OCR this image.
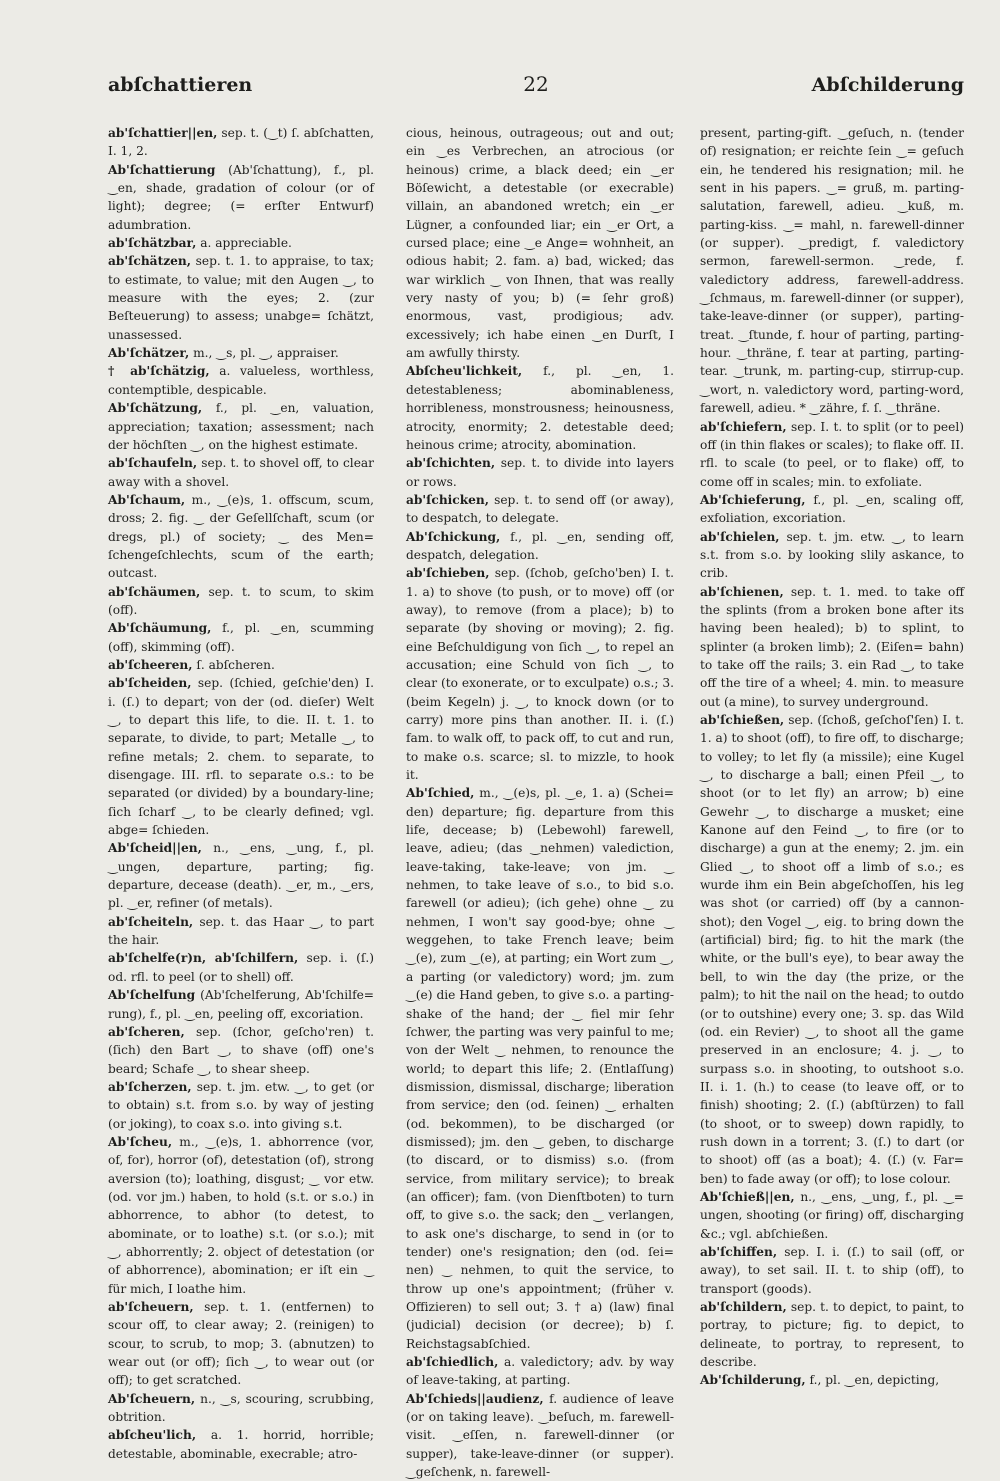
abſchattieren	22	Abſchilderung

ab'ſchattier||en, sep. t. (‿t) ſ. abſchatten, I. 1, 2.

Ab'ſchattierung (Ab'ſchattung), f., pl. ‿en, shade, gradation of colour (or of light); degree; (= erſter Entwurf) adumbration.

ab'ſchätzbar, a. appreciable.

ab'ſchätzen, sep. t. 1. to appraise, to tax; to estimate, to value; mit den Augen ‿, to measure with the eyes; 2. (zur Beſteuerung) to assess; unabge= ſchätzt, unassessed.

Ab'ſchätzer, m., ‿s, pl. ‿, appraiser.

† ab'ſchätzig, a. valueless, worthless, contemptible, despicable.

Ab'ſchätzung, f., pl. ‿en, valuation, appreciation; taxation; assessment; nach der höchſten ‿, on the highest estimate.

ab'ſchaufeln, sep. t. to shovel off, to clear away with a shovel.

Ab'ſchaum, m., ‿(e)s, 1. offscum, scum, dross; 2. fig. ‿ der Geſellſchaft, scum (or dregs, pl.) of society; ‿ des Men= ſchengeſchlechts, scum of the earth; outcast.

ab'ſchäumen, sep. t. to scum, to skim (off).

Ab'ſchäumung, f., pl. ‿en, scumming (off), skimming (off).

ab'ſcheeren, ſ. abſcheren.

ab'ſcheiden, sep. (ſchied, geſchie'den) I. i. (ſ.) to depart; von der (od. dieſer) Welt ‿, to depart this life, to die. II. t. 1. to separate, to divide, to part; Metalle ‿, to refine metals; 2. chem. to separate, to disengage. III. rfl. to separate o.s.: to be separated (or divided) by a boundary-line; ſich ſcharf ‿, to be clearly defined; vgl. abge= ſchieden.

Ab'ſcheid||en, n., ‿ens, ‿ung, f., pl. ‿ungen, departure, parting; fig. departure, decease (death). ‿er, m., ‿ers, pl. ‿er, refiner (of metals).

ab'ſcheiteln, sep. t. das Haar ‿, to part the hair.

ab'ſchelfe(r)n, ab'ſchilfern, sep. i. (ſ.) od. rfl. to peel (or to shell) off.

Ab'ſchelfung (Ab'ſchelferung, Ab'ſchilfe= rung), f., pl. ‿en, peeling off, excoriation.

ab'ſcheren, sep. (ſchor, geſcho'ren) t. (ſich) den Bart ‿, to shave (off) one's beard; Schafe ‿, to shear sheep.

ab'ſcherzen, sep. t. jm. etw. ‿, to get (or to obtain) s.t. from s.o. by way of jesting (or joking), to coax s.o. into giving s.t.

Ab'ſcheu, m., ‿(e)s, 1. abhorrence (vor, of, for), horror (of), detestation (of), strong aversion (to); loathing, disgust; ‿ vor etw. (od. vor jm.) haben, to hold (s.t. or s.o.) in abhorrence, to abhor (to detest, to abominate, or to loathe) s.t. (or s.o.); mit ‿, abhorrently; 2. object of detestation (or of abhorrence), abomination; er iſt ein ‿ für mich, I loathe him.

ab'ſcheuern, sep. t. 1. (entfernen) to scour off, to clear away; 2. (reinigen) to scour, to scrub, to mop; 3. (abnutzen) to wear out (or off); ſich ‿, to wear out (or off); to get scratched.

Ab'ſcheuern, n., ‿s, scouring, scrubbing, obtrition.

abſcheu'lich, a. 1. horrid, horrible; detestable, abominable, execrable; atro-

cious, heinous, outrageous; out and out; ein ‿es Verbrechen, an atrocious (or heinous) crime, a black deed; ein ‿er Böſewicht, a detestable (or execrable) villain, an abandoned wretch; ein ‿er Lügner, a confounded liar; ein ‿er Ort, a cursed place; eine ‿e Ange= wohnheit, an odious habit; 2. fam. a) bad, wicked; das war wirklich ‿ von Ihnen, that was really very nasty of you; b) (= ſehr groß) enormous, vast, prodigious; adv. excessively; ich habe einen ‿en Durſt, I am awfully thirsty.

Abſcheu'lichkeit, f., pl. ‿en, 1. detestableness; abominableness, horribleness, monstrousness; heinousness, atrocity, enormity; 2. detestable deed; heinous crime; atrocity, abomination.

ab'ſchichten, sep. t. to divide into layers or rows.

ab'ſchicken, sep. t. to send off (or away), to despatch, to delegate.

Ab'ſchickung, f., pl. ‿en, sending off, despatch, delegation.

ab'ſchieben, sep. (ſchob, geſcho'ben) I. t. 1. a) to shove (to push, or to move) off (or away), to remove (from a place); b) to separate (by shoving or moving); 2. fig. eine Beſchuldigung von ſich ‿, to repel an accusation; eine Schuld von ſich ‿, to clear (to exonerate, or to exculpate) o.s.; 3. (beim Kegeln) j. ‿, to knock down (or to carry) more pins than another. II. i. (ſ.) fam. to walk off, to pack off, to cut and run, to make o.s. scarce; sl. to mizzle, to hook it.

Ab'ſchied, m., ‿(e)s, pl. ‿e, 1. a) (Schei= den) departure; fig. departure from this life, decease; b) (Lebewohl) farewell, leave, adieu; (das ‿nehmen) valediction, leave-taking, take-leave; von jm. ‿ nehmen, to take leave of s.o., to bid s.o. farewell (or adieu); (ich gehe) ohne ‿ zu nehmen, I won't say good-bye; ohne ‿ weggehen, to take French leave; beim ‿(e), zum ‿(e), at parting; ein Wort zum ‿, a parting (or valedictory) word; jm. zum ‿(e) die Hand geben, to give s.o. a parting-shake of the hand; der ‿ fiel mir ſehr ſchwer, the parting was very painful to me; von der Welt ‿ nehmen, to renounce the world; to depart this life; 2. (Entlaſſung) dismission, dismissal, discharge; liberation from service; den (od. ſeinen) ‿ erhalten (od. bekommen), to be discharged (or dismissed); jm. den ‿ geben, to discharge (to discard, or to dismiss) s.o. (from service, from military service); to break (an officer); fam. (von Dienſtboten) to turn off, to give s.o. the sack; den ‿ verlangen, to ask one's discharge, to send in (or to tender) one's resignation; den (od. ſei= nen) ‿ nehmen, to quit the service, to throw up one's appointment; (früher v. Offizieren) to sell out; 3. † a) (law) final (judicial) decision (or decree); b) ſ. Reichstagsabſchied.

ab'ſchiedlich, a. valedictory; adv. by way of leave-taking, at parting.

Ab'ſchieds||audienz, f. audience of leave (or on taking leave). ‿beſuch, m. farewell-visit. ‿eſſen, n. farewell-dinner (or supper), take-leave-dinner (or supper). ‿geſchenk, n. farewell-

present, parting-gift. ‿geſuch, n. (tender of) resignation; er reichte ſein ‿= geſuch ein, he tendered his resignation; mil. he sent in his papers. ‿= gruß, m. parting-salutation, farewell, adieu. ‿kuß, m. parting-kiss. ‿= mahl, n. farewell-dinner (or supper). ‿predigt, f. valedictory sermon, farewell-sermon. ‿rede, f. valedictory address, farewell-address. ‿ſchmaus, m. farewell-dinner (or supper), take-leave-dinner (or supper), parting-treat. ‿ſtunde, f. hour of parting, parting-hour. ‿thräne, f. tear at parting, parting-tear. ‿trunk, m. parting-cup, stirrup-cup. ‿wort, n. valedictory word, parting-word, farewell, adieu. * ‿zähre, f. ſ. ‿thräne.

ab'ſchiefern, sep. I. t. to split (or to peel) off (in thin flakes or scales); to flake off. II. rfl. to scale (to peel, or to flake) off, to come off in scales; min. to exfoliate.

Ab'ſchieferung, f., pl. ‿en, scaling off, exfoliation, excoriation.

ab'ſchielen, sep. t. jm. etw. ‿, to learn s.t. from s.o. by looking slily askance, to crib.

ab'ſchienen, sep. t. 1. med. to take off the splints (from a broken bone after its having been healed); b) to splint, to splinter (a broken limb); 2. (Eiſen= bahn) to take off the rails; 3. ein Rad ‿, to take off the tire of a wheel; 4. min. to measure out (a mine), to survey underground.

ab'ſchießen, sep. (ſchoß, geſchoſ'ſen) I. t. 1. a) to shoot (off), to fire off, to discharge; to volley; to let fly (a missile); eine Kugel ‿, to discharge a ball; einen Pfeil ‿, to shoot (or to let fly) an arrow; b) eine Gewehr ‿, to discharge a musket; eine Kanone auf den Feind ‿, to fire (or to discharge) a gun at the enemy; 2. jm. ein Glied ‿, to shoot off a limb of s.o.; es wurde ihm ein Bein abgeſchoſſen, his leg was shot (or carried) off (by a cannon-shot); den Vogel ‿, eig. to bring down the (artificial) bird; fig. to hit the mark (the white, or the bull's eye), to bear away the bell, to win the day (the prize, or the palm); to hit the nail on the head; to outdo (or to outshine) every one; 3. sp. das Wild (od. ein Revier) ‿, to shoot all the game preserved in an enclosure; 4. j. ‿, to surpass s.o. in shooting, to outshoot s.o. II. i. 1. (h.) to cease (to leave off, or to finish) shooting; 2. (ſ.) (abſtürzen) to fall (to shoot, or to sweep) down rapidly, to rush down in a torrent; 3. (ſ.) to dart (or to shoot) off (as a boat); 4. (ſ.) (v. Far= ben) to fade away (or off); to lose colour.

Ab'ſchieß||en, n., ‿ens, ‿ung, f., pl. ‿= ungen, shooting (or firing) off, discharging &c.; vgl. abſchießen.

ab'ſchiffen, sep. I. i. (ſ.) to sail (off, or away), to set sail. II. t. to ship (off), to transport (goods).

ab'ſchildern, sep. t. to depict, to paint, to portray, to picture; fig. to depict, to delineate, to portray, to represent, to describe.

Ab'ſchilderung, f., pl. ‿en, depicting,
